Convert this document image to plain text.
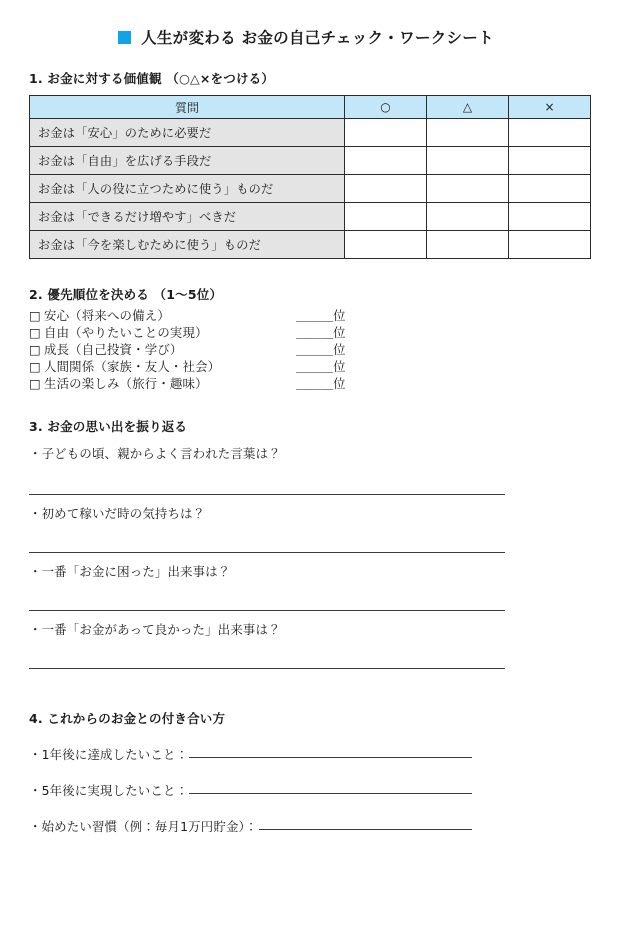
人生が変わる お金の自己チェック・ワークシート
1. お金に対する価値観 （○△×をつける）
質問	○	△	×
お金は「安心」のために必要だ			
お金は「自由」を広げる手段だ			
お金は「人の役に立つために使う」ものだ			
お金は「できるだけ増やす」べきだ			
お金は「今を楽しむために使う」ものだ			
2. 優先順位を決める （1〜5位）
□ 安心（将来への備え）	＿＿＿位
□ 自由（やりたいことの実現）	＿＿＿位
□ 成長（自己投資・学び）	＿＿＿位
□ 人間関係（家族・友人・社会）	＿＿＿位
□ 生活の楽しみ（旅行・趣味）	＿＿＿位
3. お金の思い出を振り返る
・子どもの頃、親からよく言われた言葉は？
・初めて稼いだ時の気持ちは？
・一番「お金に困った」出来事は？
・一番「お金があって良かった」出来事は？
4. これからのお金との付き合い方
・1年後に達成したいこと：
・5年後に実現したいこと：
・始めたい習慣（例：毎月1万円貯金）：
